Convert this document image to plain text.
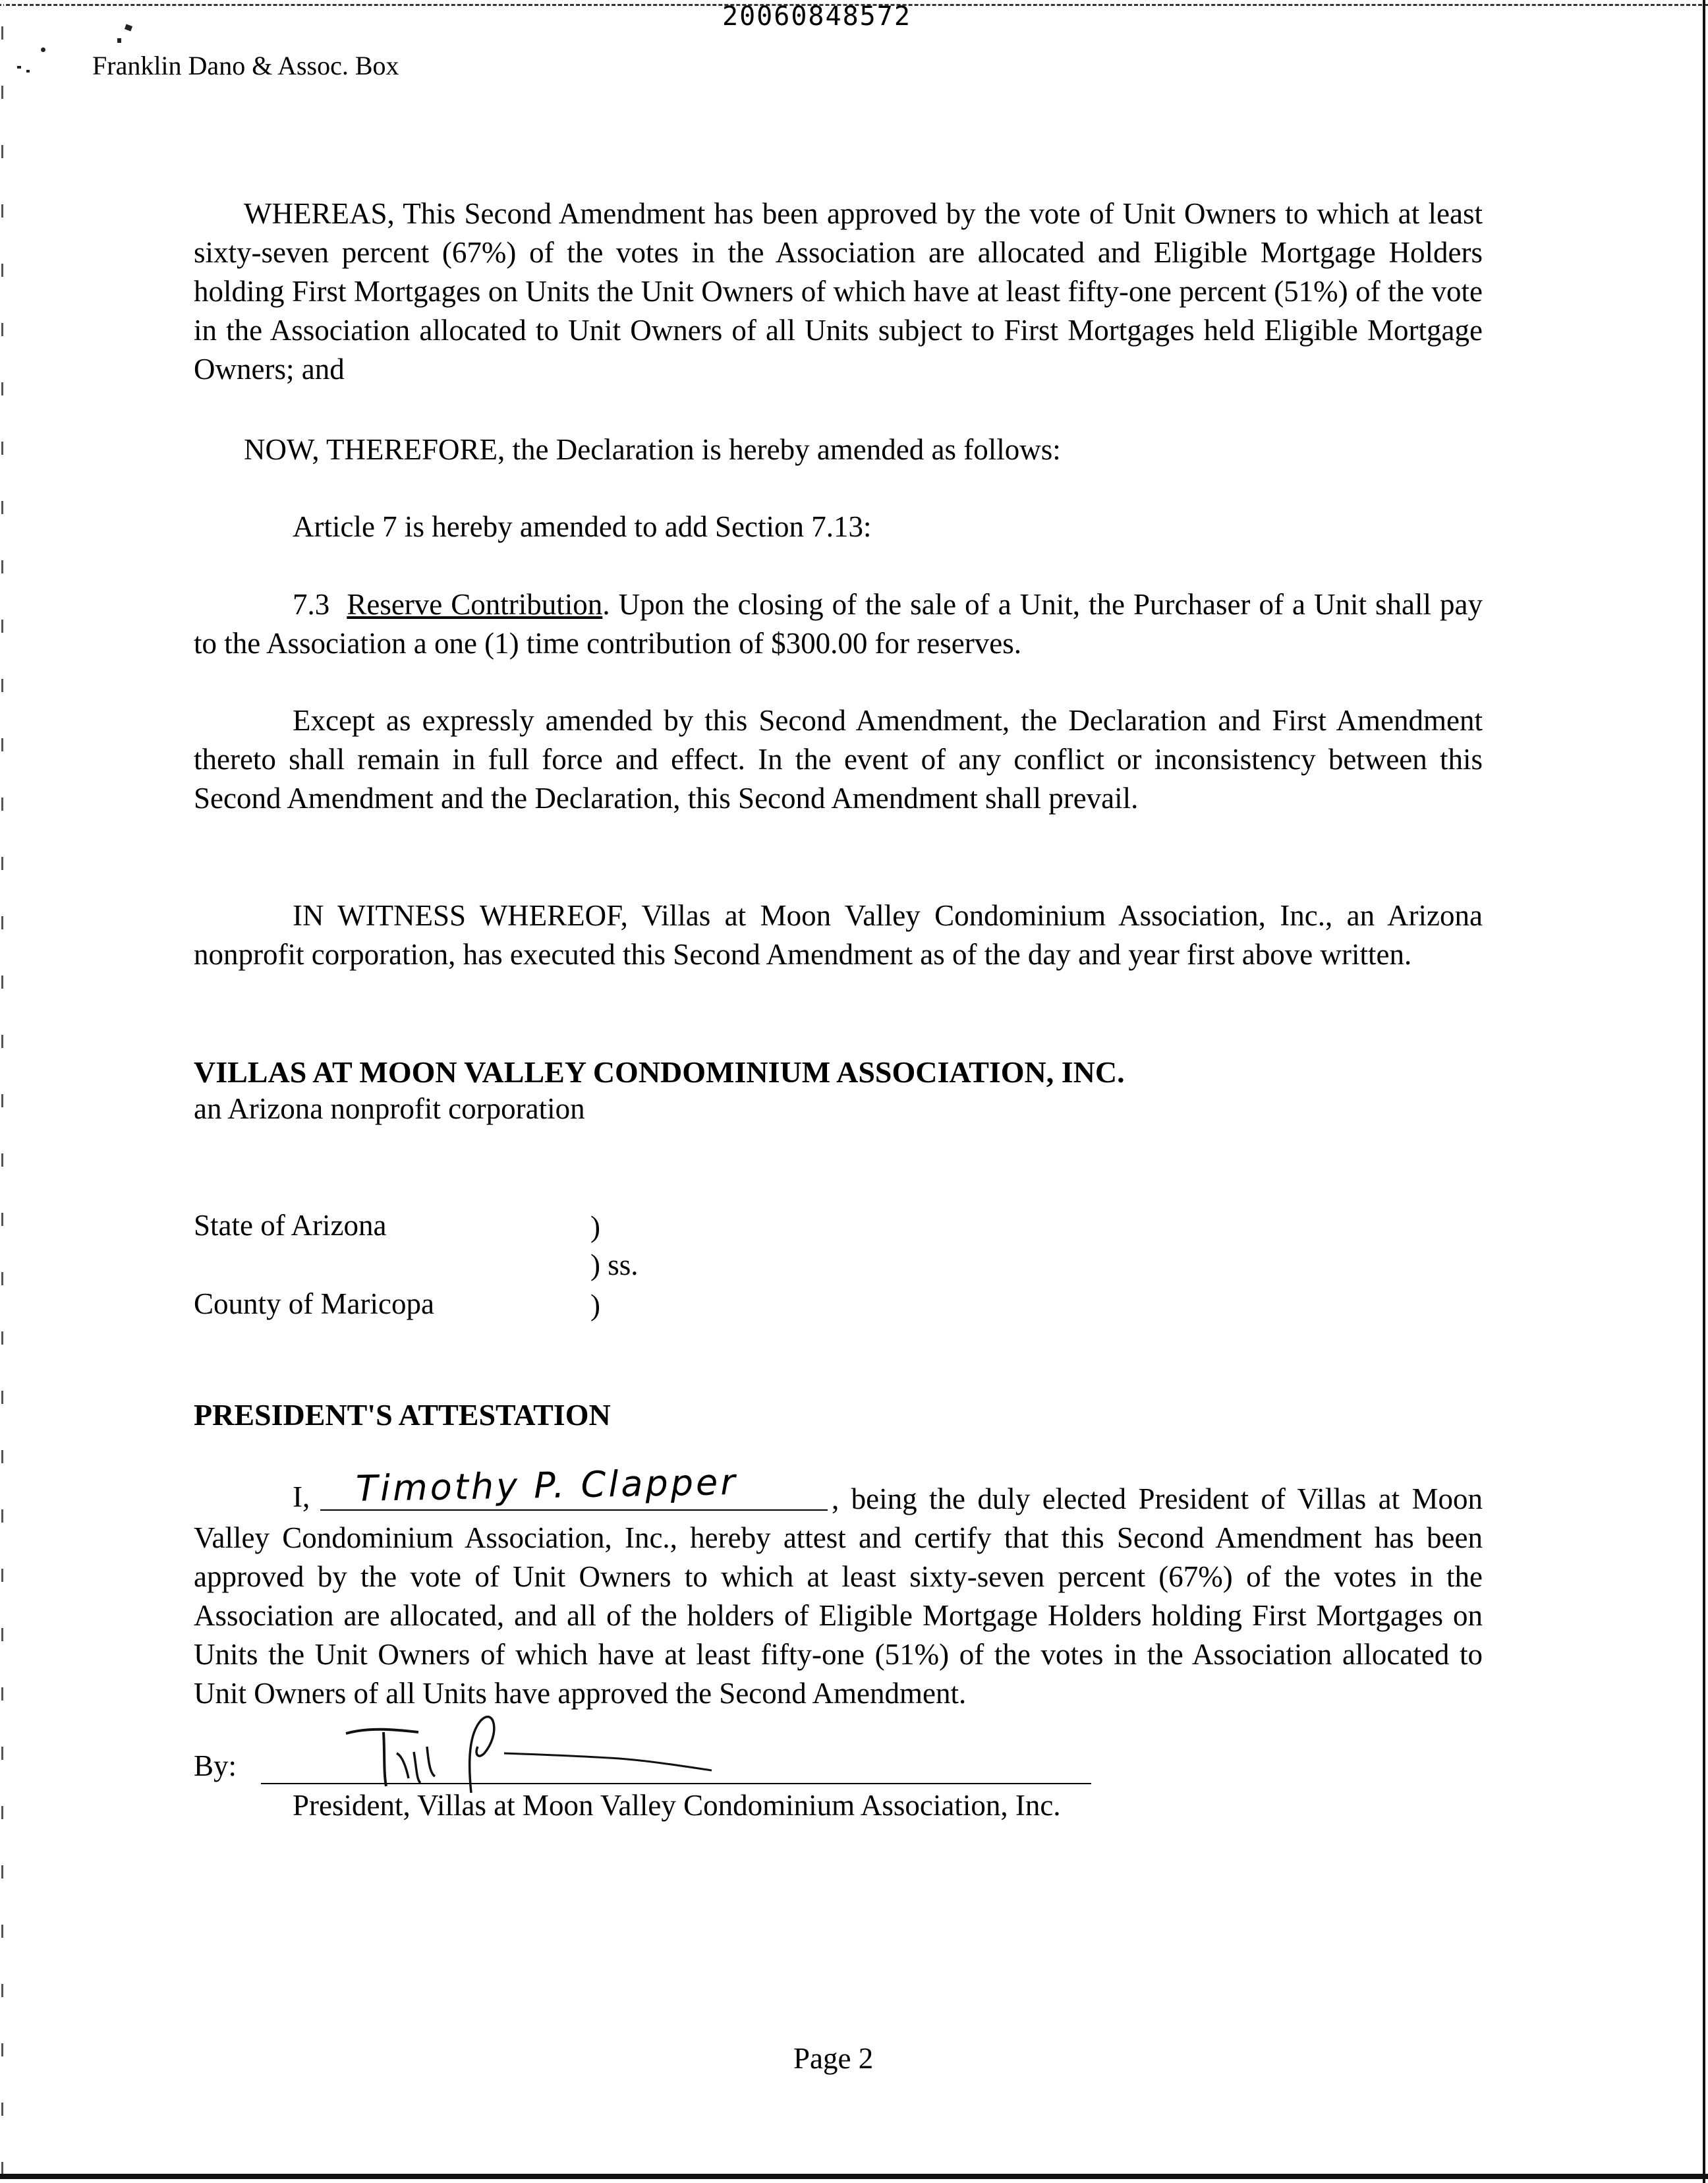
20060848572
Franklin Dano & Assoc. Box
WHEREAS, This Second Amendment has been approved by the vote of Unit Owners to which at least sixty-seven percent (67%) of the votes in the Association are allocated and Eligible Mortgage Holders holding First Mortgages on Units the Unit Owners of which have at least fifty-one percent (51%) of the vote in the Association allocated to Unit Owners of all Units subject to First Mortgages held Eligible Mortgage Owners; and
NOW, THEREFORE, the Declaration is hereby amended as follows:
Article 7 is hereby amended to add Section 7.13:
7.3 Reserve Contribution. Upon the closing of the sale of a Unit, the Purchaser of a Unit shall pay to the Association a one (1) time contribution of $300.00 for reserves.
Except as expressly amended by this Second Amendment, the Declaration and First Amendment thereto shall remain in full force and effect. In the event of any conflict or inconsistency between this Second Amendment and the Declaration, this Second Amendment shall prevail.
IN WITNESS WHEREOF, Villas at Moon Valley Condominium Association, Inc., an Arizona nonprofit corporation, has executed this Second Amendment as of the day and year first above written.
VILLAS AT MOON VALLEY CONDOMINIUM ASSOCIATION, INC.
an Arizona nonprofit corporation
State of Arizona	)
) ss.
County of Maricopa	)
PRESIDENT'S ATTESTATION
I, Timothy P. Clapper	, being the duly elected President of Villas at Moon Valley Condominium Association, Inc., hereby attest and certify that this Second Amendment has been approved by the vote of Unit Owners to which at least sixty-seven percent (67%) of the votes in the Association are allocated, and all of the holders of Eligible Mortgage Holders holding First Mortgages on Units the Unit Owners of which have at least fifty-one (51%) of the votes in the Association allocated to Unit Owners of all Units have approved the Second Amendment.
By:
President, Villas at Moon Valley Condominium Association, Inc.
Page 2
